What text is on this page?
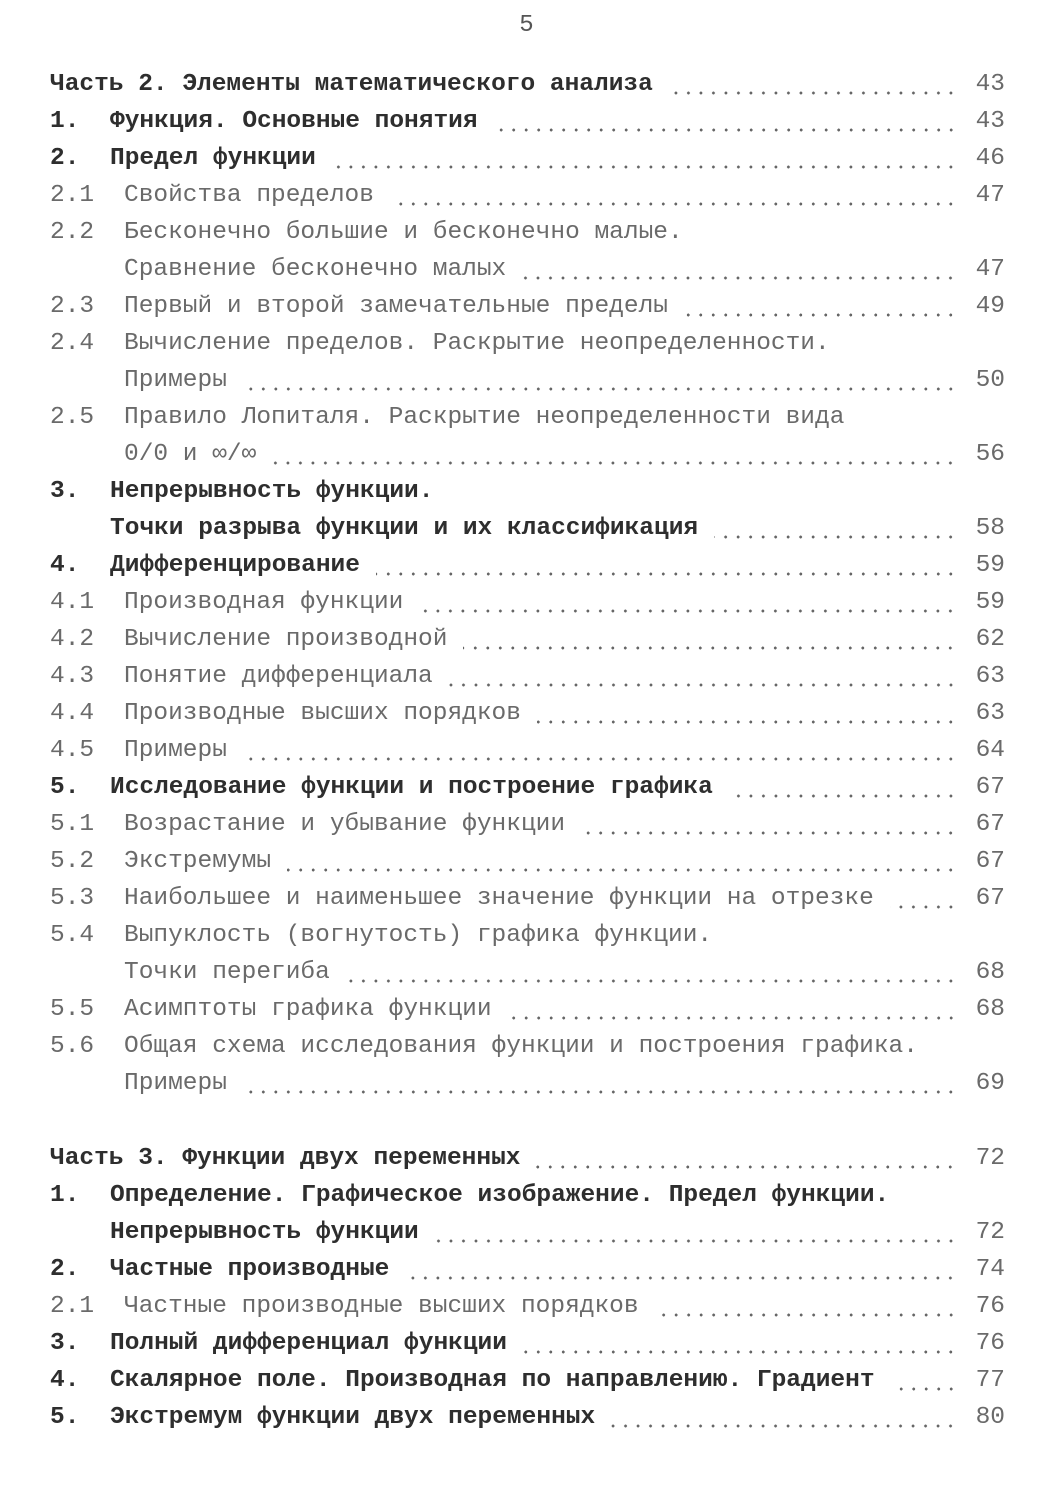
5
Часть 2. Элементы математического анализа	43
1.	Функция. Основные понятия	43
2.	Предел функции	46
2.1	Свойства пределов	47
2.2	Бесконечно большие и бесконечно малые.
Сравнение бесконечно малых	47
2.3	Первый и второй замечательные пределы	49
2.4	Вычисление пределов. Раскрытие неопределенности.
Примеры	50
2.5	Правило Лопиталя. Раскрытие неопределенности вида
0/0 и ∞/∞	56
3.	Непрерывность функции.
Точки разрыва функции и их классификация	58
4.	Дифференцирование	59
4.1	Производная функции	59
4.2	Вычисление производной	62
4.3	Понятие дифференциала	63
4.4	Производные высших порядков	63
4.5	Примеры	64
5.	Исследование функции и построение графика	67
5.1	Возрастание и убывание функции	67
5.2	Экстремумы	67
5.3	Наибольшее и наименьшее значение функции на отрезке	67
5.4	Выпуклость (вогнутость) графика функции.
Точки перегиба	68
5.5	Асимптоты графика функции	68
5.6	Общая схема исследования функции и построения графика.
Примеры	69
Часть 3. Функции двух переменных	72
1.	Определение. Графическое изображение. Предел функции.
Непрерывность функции	72
2.	Частные производные	74
2.1	Частные производные высших порядков	76
3.	Полный дифференциал функции	76
4.	Скалярное поле. Производная по направлению. Градиент	77
5.	Экстремум функции двух переменных	80
